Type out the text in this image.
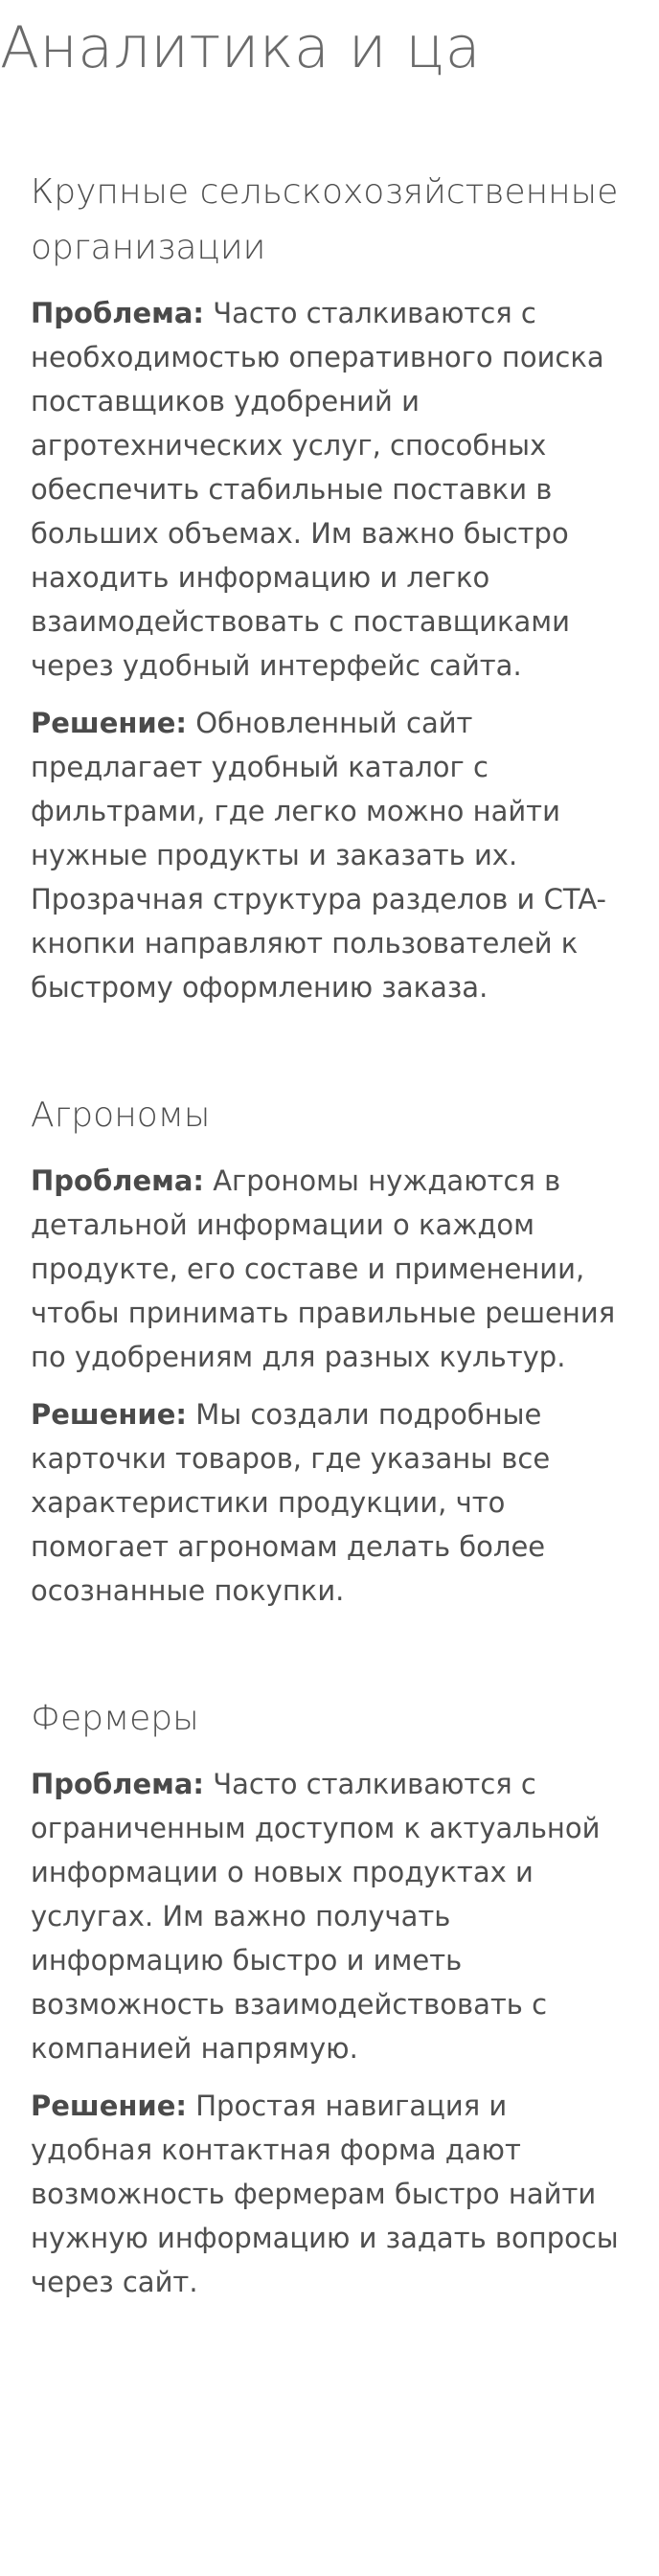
Аналитика и ца
Крупные сельскохозяйственные организации

Проблема: Часто сталкиваются с необходимостью оперативного поиска поставщиков удобрений и агротехнических услуг, способных обеспечить стабильные поставки в больших объемах. Им важно быстро находить информацию и легко взаимодействовать с поставщиками через удобный интерфейс сайта.

Решение: Обновленный сайт предлагает удобный каталог с фильтрами, где легко можно найти нужные продукты и заказать их. Прозрачная структура разделов и CTA-кнопки направляют пользователей к быстрому оформлению заказа.

Агрономы

Проблема: Агрономы нуждаются в детальной информации о каждом продукте, его составе и применении, чтобы принимать правильные решения по удобрениям для разных культур.

Решение: Мы создали подробные карточки товаров, где указаны все характеристики продукции, что помогает агрономам делать более осознанные покупки.

Фермеры

Проблема: Часто сталкиваются с ограниченным доступом к актуальной информации о новых продуктах и услугах. Им важно получать информацию быстро и иметь возможность взаимодействовать с компанией напрямую.

Решение: Простая навигация и удобная контактная форма дают возможность фермерам быстро найти нужную информацию и задать вопросы через сайт.
